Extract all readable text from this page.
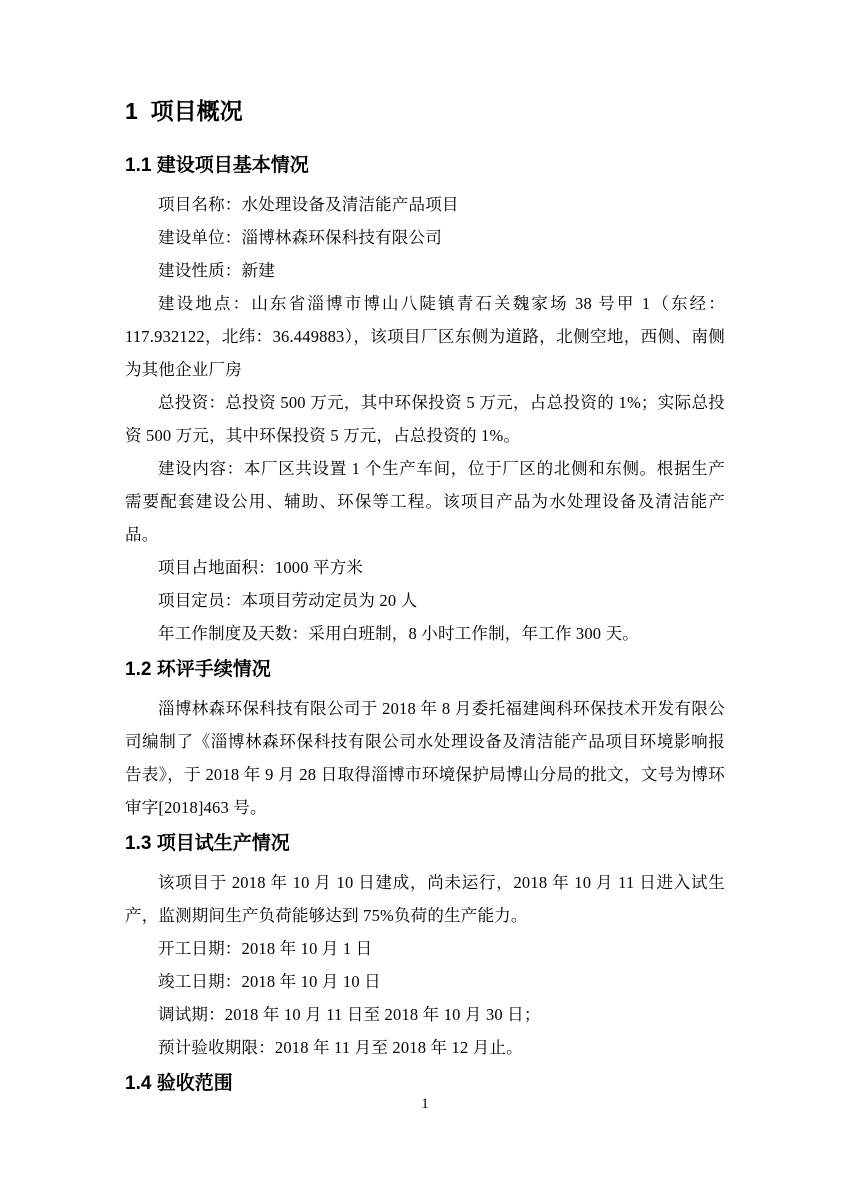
1  项目概况
1.1 建设项目基本情况

项目名称：水处理设备及清洁能产品项目

建设单位：淄博林森环保科技有限公司

建设性质：新建

建设地点：山东省淄博市博山八陡镇青石关魏家场 38 号甲 1（东经：117.932122，北纬：36.449883），该项目厂区东侧为道路，北侧空地，西侧、南侧为其他企业厂房

总投资：总投资 500 万元，其中环保投资 5 万元，占总投资的 1%；实际总投资 500 万元，其中环保投资 5 万元，占总投资的 1%。

建设内容：本厂区共设置 1 个生产车间，位于厂区的北侧和东侧。根据生产需要配套建设公用、辅助、环保等工程。该项目产品为水处理设备及清洁能产品。

项目占地面积：1000 平方米

项目定员：本项目劳动定员为 20 人

年工作制度及天数：采用白班制，8 小时工作制，年工作 300 天。

1.2 环评手续情况

淄博林森环保科技有限公司于 2018 年 8 月委托福建闽科环保技术开发有限公司编制了《淄博林森环保科技有限公司水处理设备及清洁能产品项目环境影响报告表》，于 2018 年 9 月 28 日取得淄博市环境保护局博山分局的批文，文号为博环审字[2018]463 号。

1.3 项目试生产情况

该项目于 2018 年 10 月 10 日建成，尚未运行，2018 年 10 月 11 日进入试生产，监测期间生产负荷能够达到 75%负荷的生产能力。

开工日期：2018 年 10 月 1 日

竣工日期：2018 年 10 月 10 日

调试期：2018 年 10 月 11 日至 2018 年 10 月 30 日；

预计验收期限：2018 年 11 月至 2018 年 12 月止。

1.4 验收范围
1
